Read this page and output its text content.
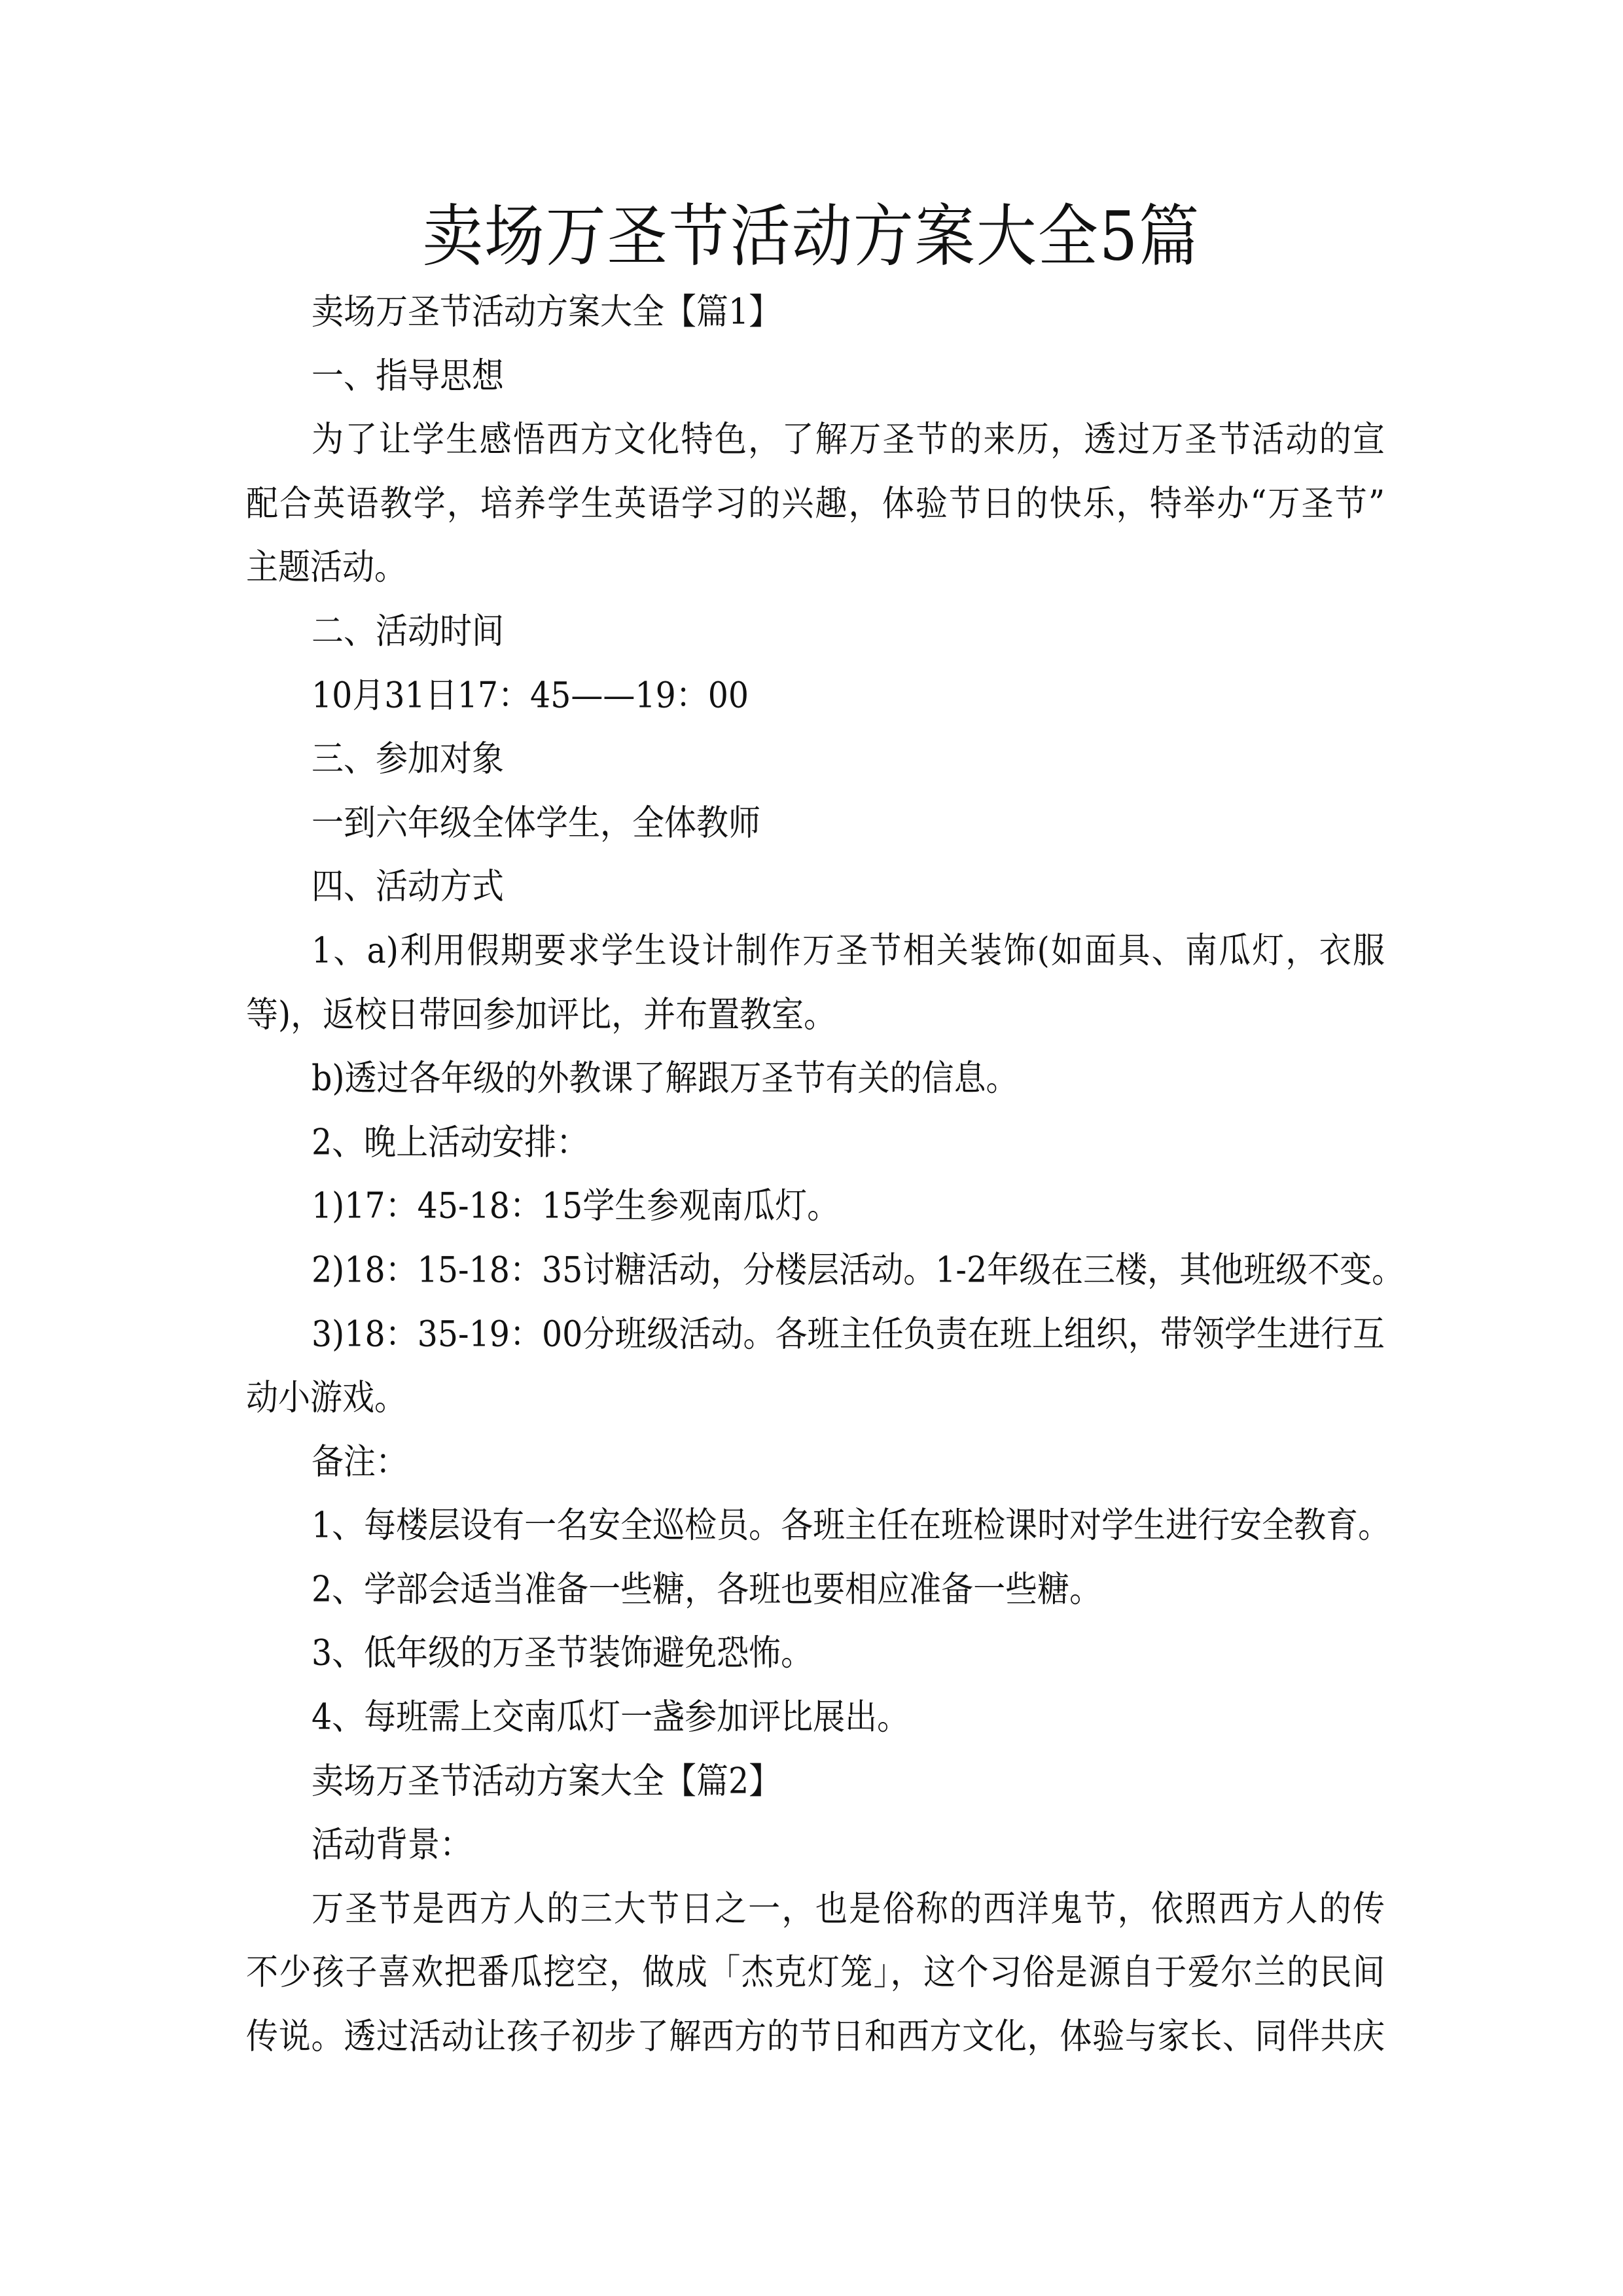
卖场万圣节活动方案大全5篇
卖场万圣节活动方案大全【篇1】
一、指导思想
为了让学生感悟西方文化特色，了解万圣节的来历，透过万圣节活动的宣
配合英语教学，培养学生英语学习的兴趣，体验节日的快乐，特举办“万圣节”
主题活动。
二、活动时间
10月31日17：45——19：00
三、参加对象
一到六年级全体学生，全体教师
四、活动方式
1、a)利用假期要求学生设计制作万圣节相关装饰(如面具、南瓜灯，衣服
等)，返校日带回参加评比，并布置教室。
b)透过各年级的外教课了解跟万圣节有关的信息。
2、晚上活动安排：
1)17：45-18：15学生参观南瓜灯。
2)18：15-18：35讨糖活动，分楼层活动。1-2年级在三楼，其他班级不变。
3)18：35-19：00分班级活动。各班主任负责在班上组织，带领学生进行互
动小游戏。
备注：
1、每楼层设有一名安全巡检员。各班主任在班检课时对学生进行安全教育。
2、学部会适当准备一些糖，各班也要相应准备一些糖。
3、低年级的万圣节装饰避免恐怖。
4、每班需上交南瓜灯一盏参加评比展出。
卖场万圣节活动方案大全【篇2】
活动背景：
万圣节是西方人的三大节日之一，也是俗称的西洋鬼节，依照西方人的传
不少孩子喜欢把番瓜挖空，做成「杰克灯笼」，这个习俗是源自于爱尔兰的民间
传说。透过活动让孩子初步了解西方的节日和西方文化，体验与家长、同伴共庆
